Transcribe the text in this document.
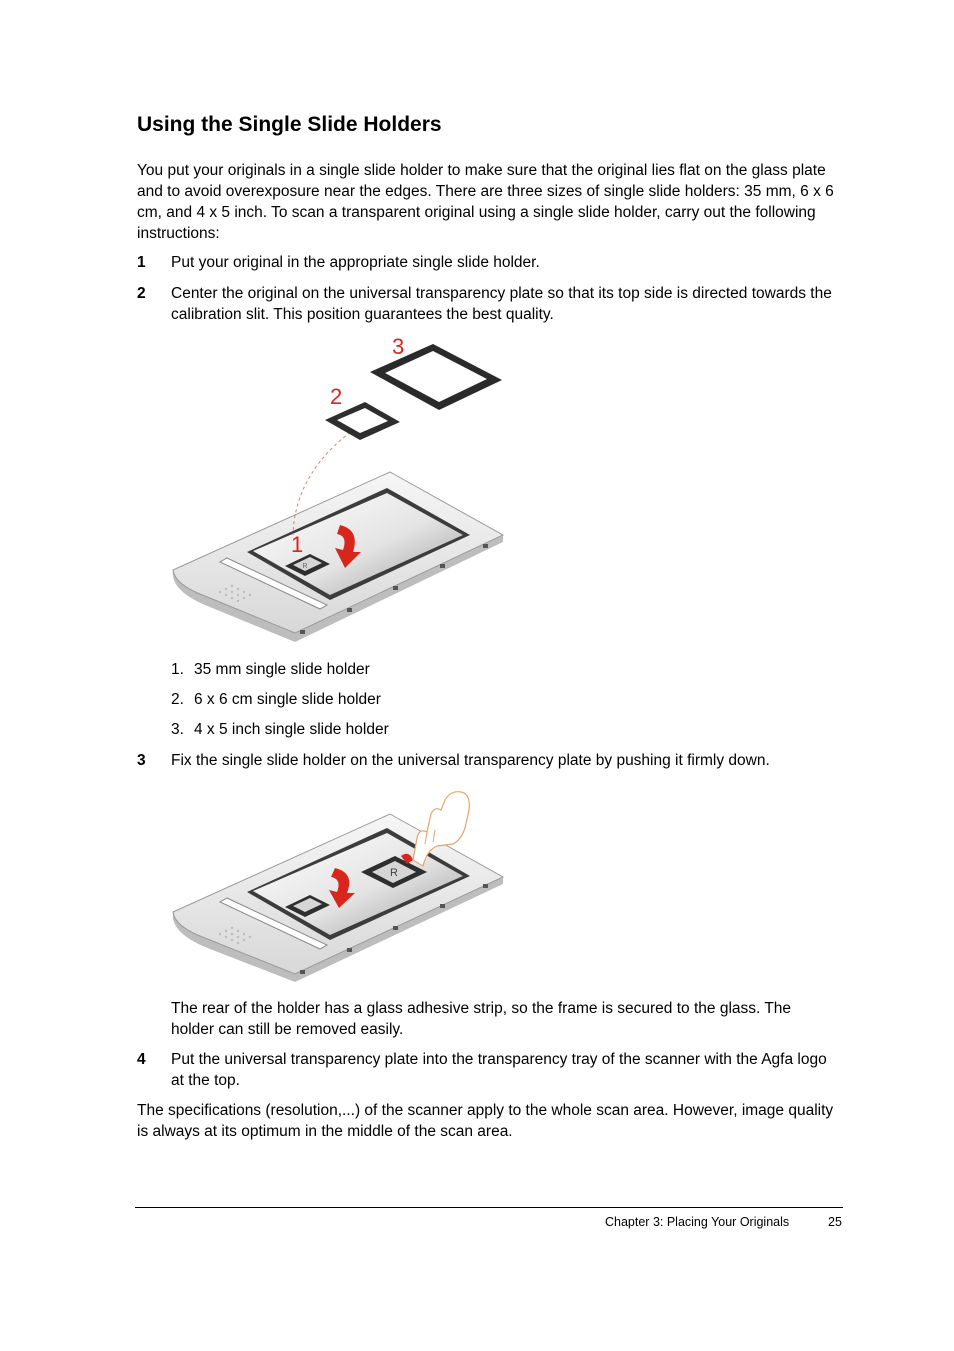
Using the Single Slide Holders
You put your originals in a single slide holder to make sure that the original lies flat on the glass plate and to avoid overexposure near the edges. There are three sizes of single slide holders: 35 mm, 6 x 6 cm, and 4 x 5 inch. To scan a transparent original using a single slide holder, carry out the following instructions:
1 Put your original in the appropriate single slide holder.
2 Center the original on the universal transparency plate so that its top side is directed towards the calibration slit. This position guarantees the best quality.
R
1
2
3
1. 35 mm single slide holder
2. 6 x 6 cm single slide holder
3. 4 x 5 inch single slide holder
3 Fix the single slide holder on the universal transparency plate by pushing it firmly down.
R
The rear of the holder has a glass adhesive strip, so the frame is secured to the glass. The holder can still be removed easily.
4 Put the universal transparency plate into the transparency tray of the scanner with the Agfa logo at the top.
The specifications (resolution,...) of the scanner apply to the whole scan area. However, image quality is always at its optimum in the middle of the scan area.
Chapter 3: Placing Your Originals	25
